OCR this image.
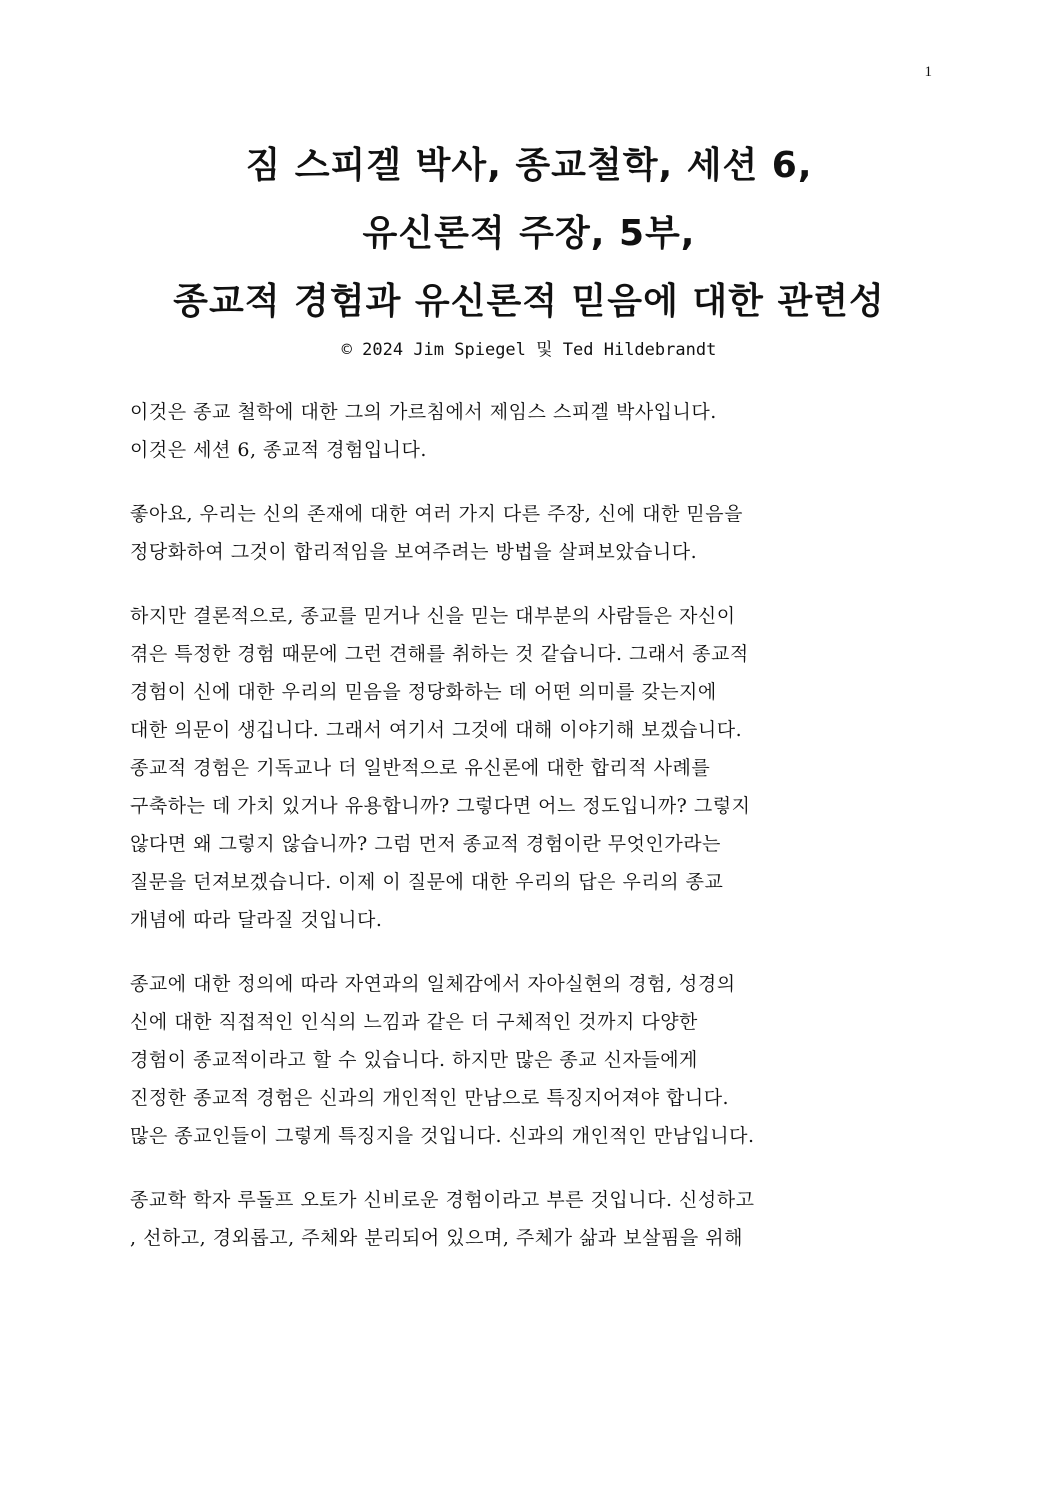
1
짐 스피겔 박사, 종교철학, 세션 6,
유신론적 주장, 5부,
종교적 경험과 유신론적 믿음에 대한 관련성
© 2024 Jim Spiegel 및 Ted Hildebrandt
이것은 종교 철학에 대한 그의 가르침에서 제임스 스피겔 박사입니다.
이것은 세션 6, 종교적 경험입니다.
좋아요, 우리는 신의 존재에 대한 여러 가지 다른 주장, 신에 대한 믿음을
정당화하여 그것이 합리적임을 보여주려는 방법을 살펴보았습니다.
하지만 결론적으로, 종교를 믿거나 신을 믿는 대부분의 사람들은 자신이
겪은 특정한 경험 때문에 그런 견해를 취하는 것 같습니다. 그래서 종교적
경험이 신에 대한 우리의 믿음을 정당화하는 데 어떤 의미를 갖는지에
대한 의문이 생깁니다. 그래서 여기서 그것에 대해 이야기해 보겠습니다.
종교적 경험은 기독교나 더 일반적으로 유신론에 대한 합리적 사례를
구축하는 데 가치 있거나 유용합니까? 그렇다면 어느 정도입니까? 그렇지
않다면 왜 그렇지 않습니까? 그럼 먼저 종교적 경험이란 무엇인가라는
질문을 던져보겠습니다. 이제 이 질문에 대한 우리의 답은 우리의 종교
개념에 따라 달라질 것입니다.
종교에 대한 정의에 따라 자연과의 일체감에서 자아실현의 경험, 성경의
신에 대한 직접적인 인식의 느낌과 같은 더 구체적인 것까지 다양한
경험이 종교적이라고 할 수 있습니다. 하지만 많은 종교 신자들에게
진정한 종교적 경험은 신과의 개인적인 만남으로 특징지어져야 합니다.
많은 종교인들이 그렇게 특징지을 것입니다. 신과의 개인적인 만남입니다.
종교학 학자 루돌프 오토가 신비로운 경험이라고 부른 것입니다. 신성하고
, 선하고, 경외롭고, 주체와 분리되어 있으며, 주체가 삶과 보살핌을 위해
